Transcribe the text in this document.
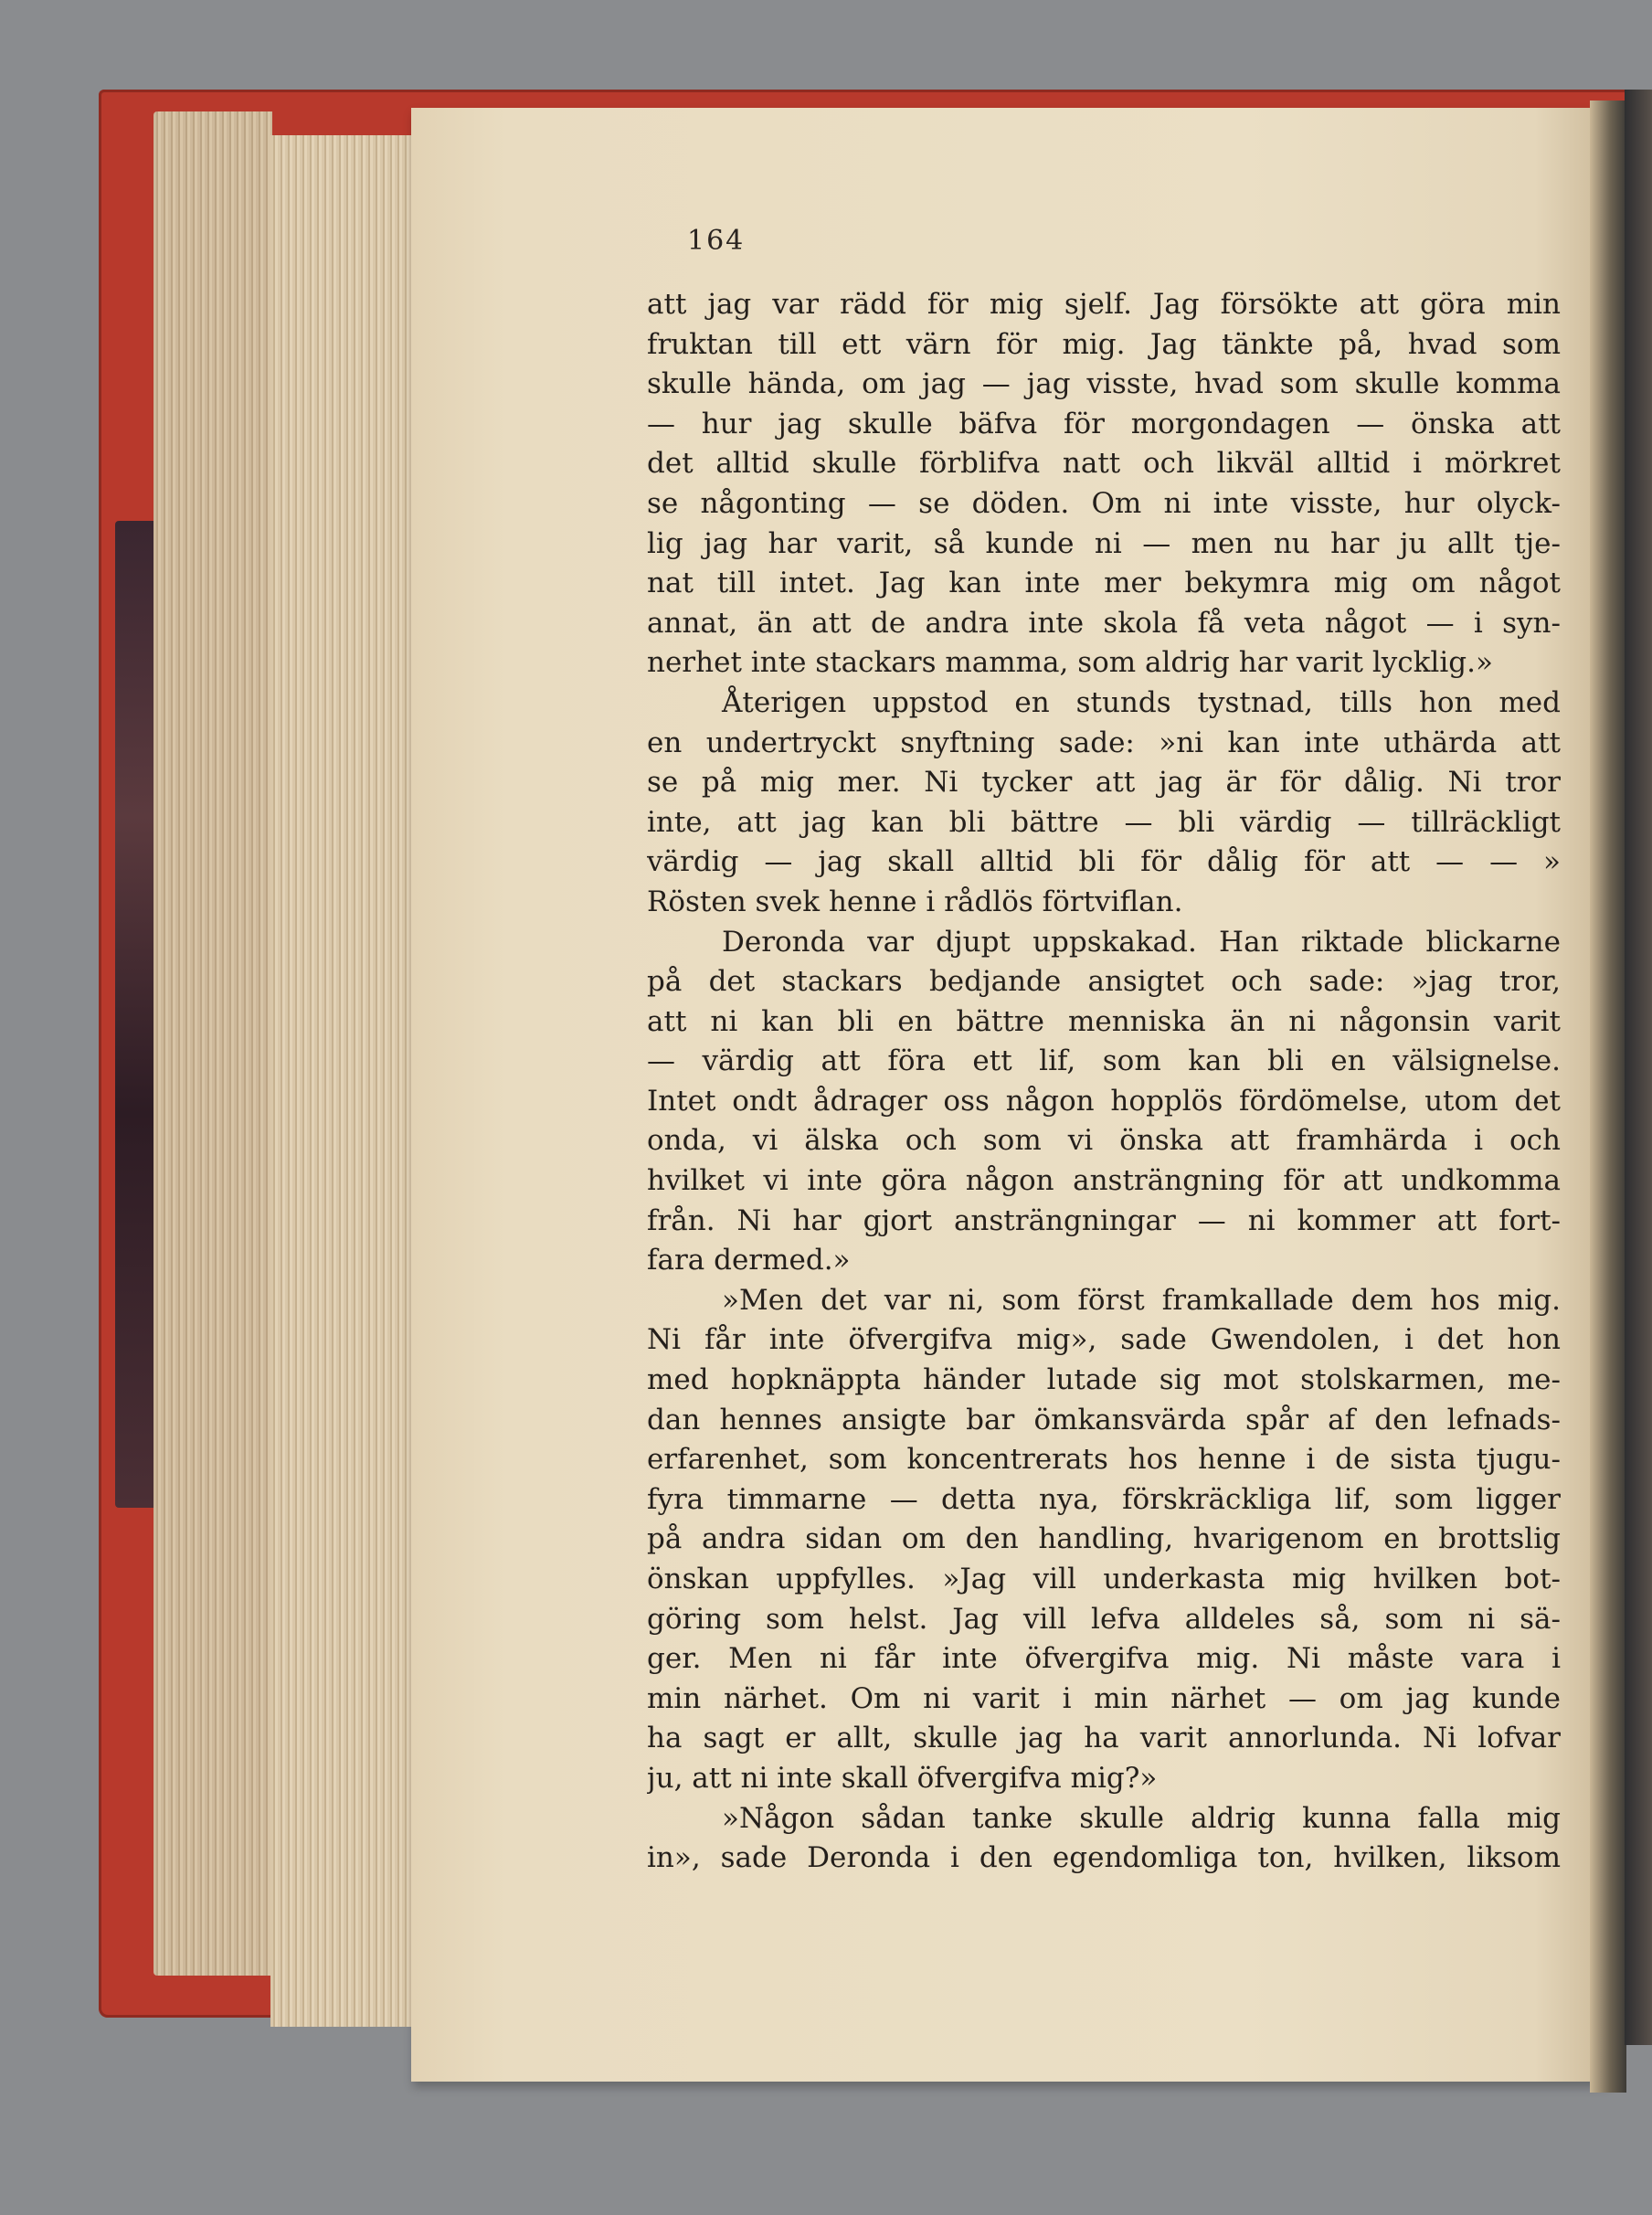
164
att jag var rädd för mig sjelf. Jag försökte att göra min
fruktan till ett värn för mig. Jag tänkte på, hvad som
skulle hända, om jag — jag visste, hvad som skulle komma
— hur jag skulle bäfva för morgondagen — önska att
det alltid skulle förblifva natt och likväl alltid i mörkret
se någonting — se döden. Om ni inte visste, hur olyck-
lig jag har varit, så kunde ni — men nu har ju allt tje-
nat till intet. Jag kan inte mer bekymra mig om något
annat, än att de andra inte skola få veta något — i syn-
nerhet inte stackars mamma, som aldrig har varit lycklig.»
Återigen uppstod en stunds tystnad, tills hon med
en undertryckt snyftning sade: »ni kan inte uthärda att
se på mig mer. Ni tycker att jag är för dålig. Ni tror
inte, att jag kan bli bättre — bli värdig — tillräckligt
värdig — jag skall alltid bli för dålig för att — — »
Rösten svek henne i rådlös förtviflan.
Deronda var djupt uppskakad. Han riktade blickarne
på det stackars bedjande ansigtet och sade: »jag tror,
att ni kan bli en bättre menniska än ni någonsin varit
— värdig att föra ett lif, som kan bli en välsignelse.
Intet ondt ådrager oss någon hopplös fördömelse, utom det
onda, vi älska och som vi önska att framhärda i och
hvilket vi inte göra någon ansträngning för att undkomma
från. Ni har gjort ansträngningar — ni kommer att fort-
fara dermed.»
»Men det var ni, som först framkallade dem hos mig.
Ni får inte öfvergifva mig», sade Gwendolen, i det hon
med hopknäppta händer lutade sig mot stolskarmen, me-
dan hennes ansigte bar ömkansvärda spår af den lefnads-
erfarenhet, som koncentrerats hos henne i de sista tjugu-
fyra timmarne — detta nya, förskräckliga lif, som ligger
på andra sidan om den handling, hvarigenom en brottslig
önskan uppfylles. »Jag vill underkasta mig hvilken bot-
göring som helst. Jag vill lefva alldeles så, som ni sä-
ger. Men ni får inte öfvergifva mig. Ni måste vara i
min närhet. Om ni varit i min närhet — om jag kunde
ha sagt er allt, skulle jag ha varit annorlunda. Ni lofvar
ju, att ni inte skall öfvergifva mig?»
»Någon sådan tanke skulle aldrig kunna falla mig
in», sade Deronda i den egendomliga ton, hvilken, liksom
